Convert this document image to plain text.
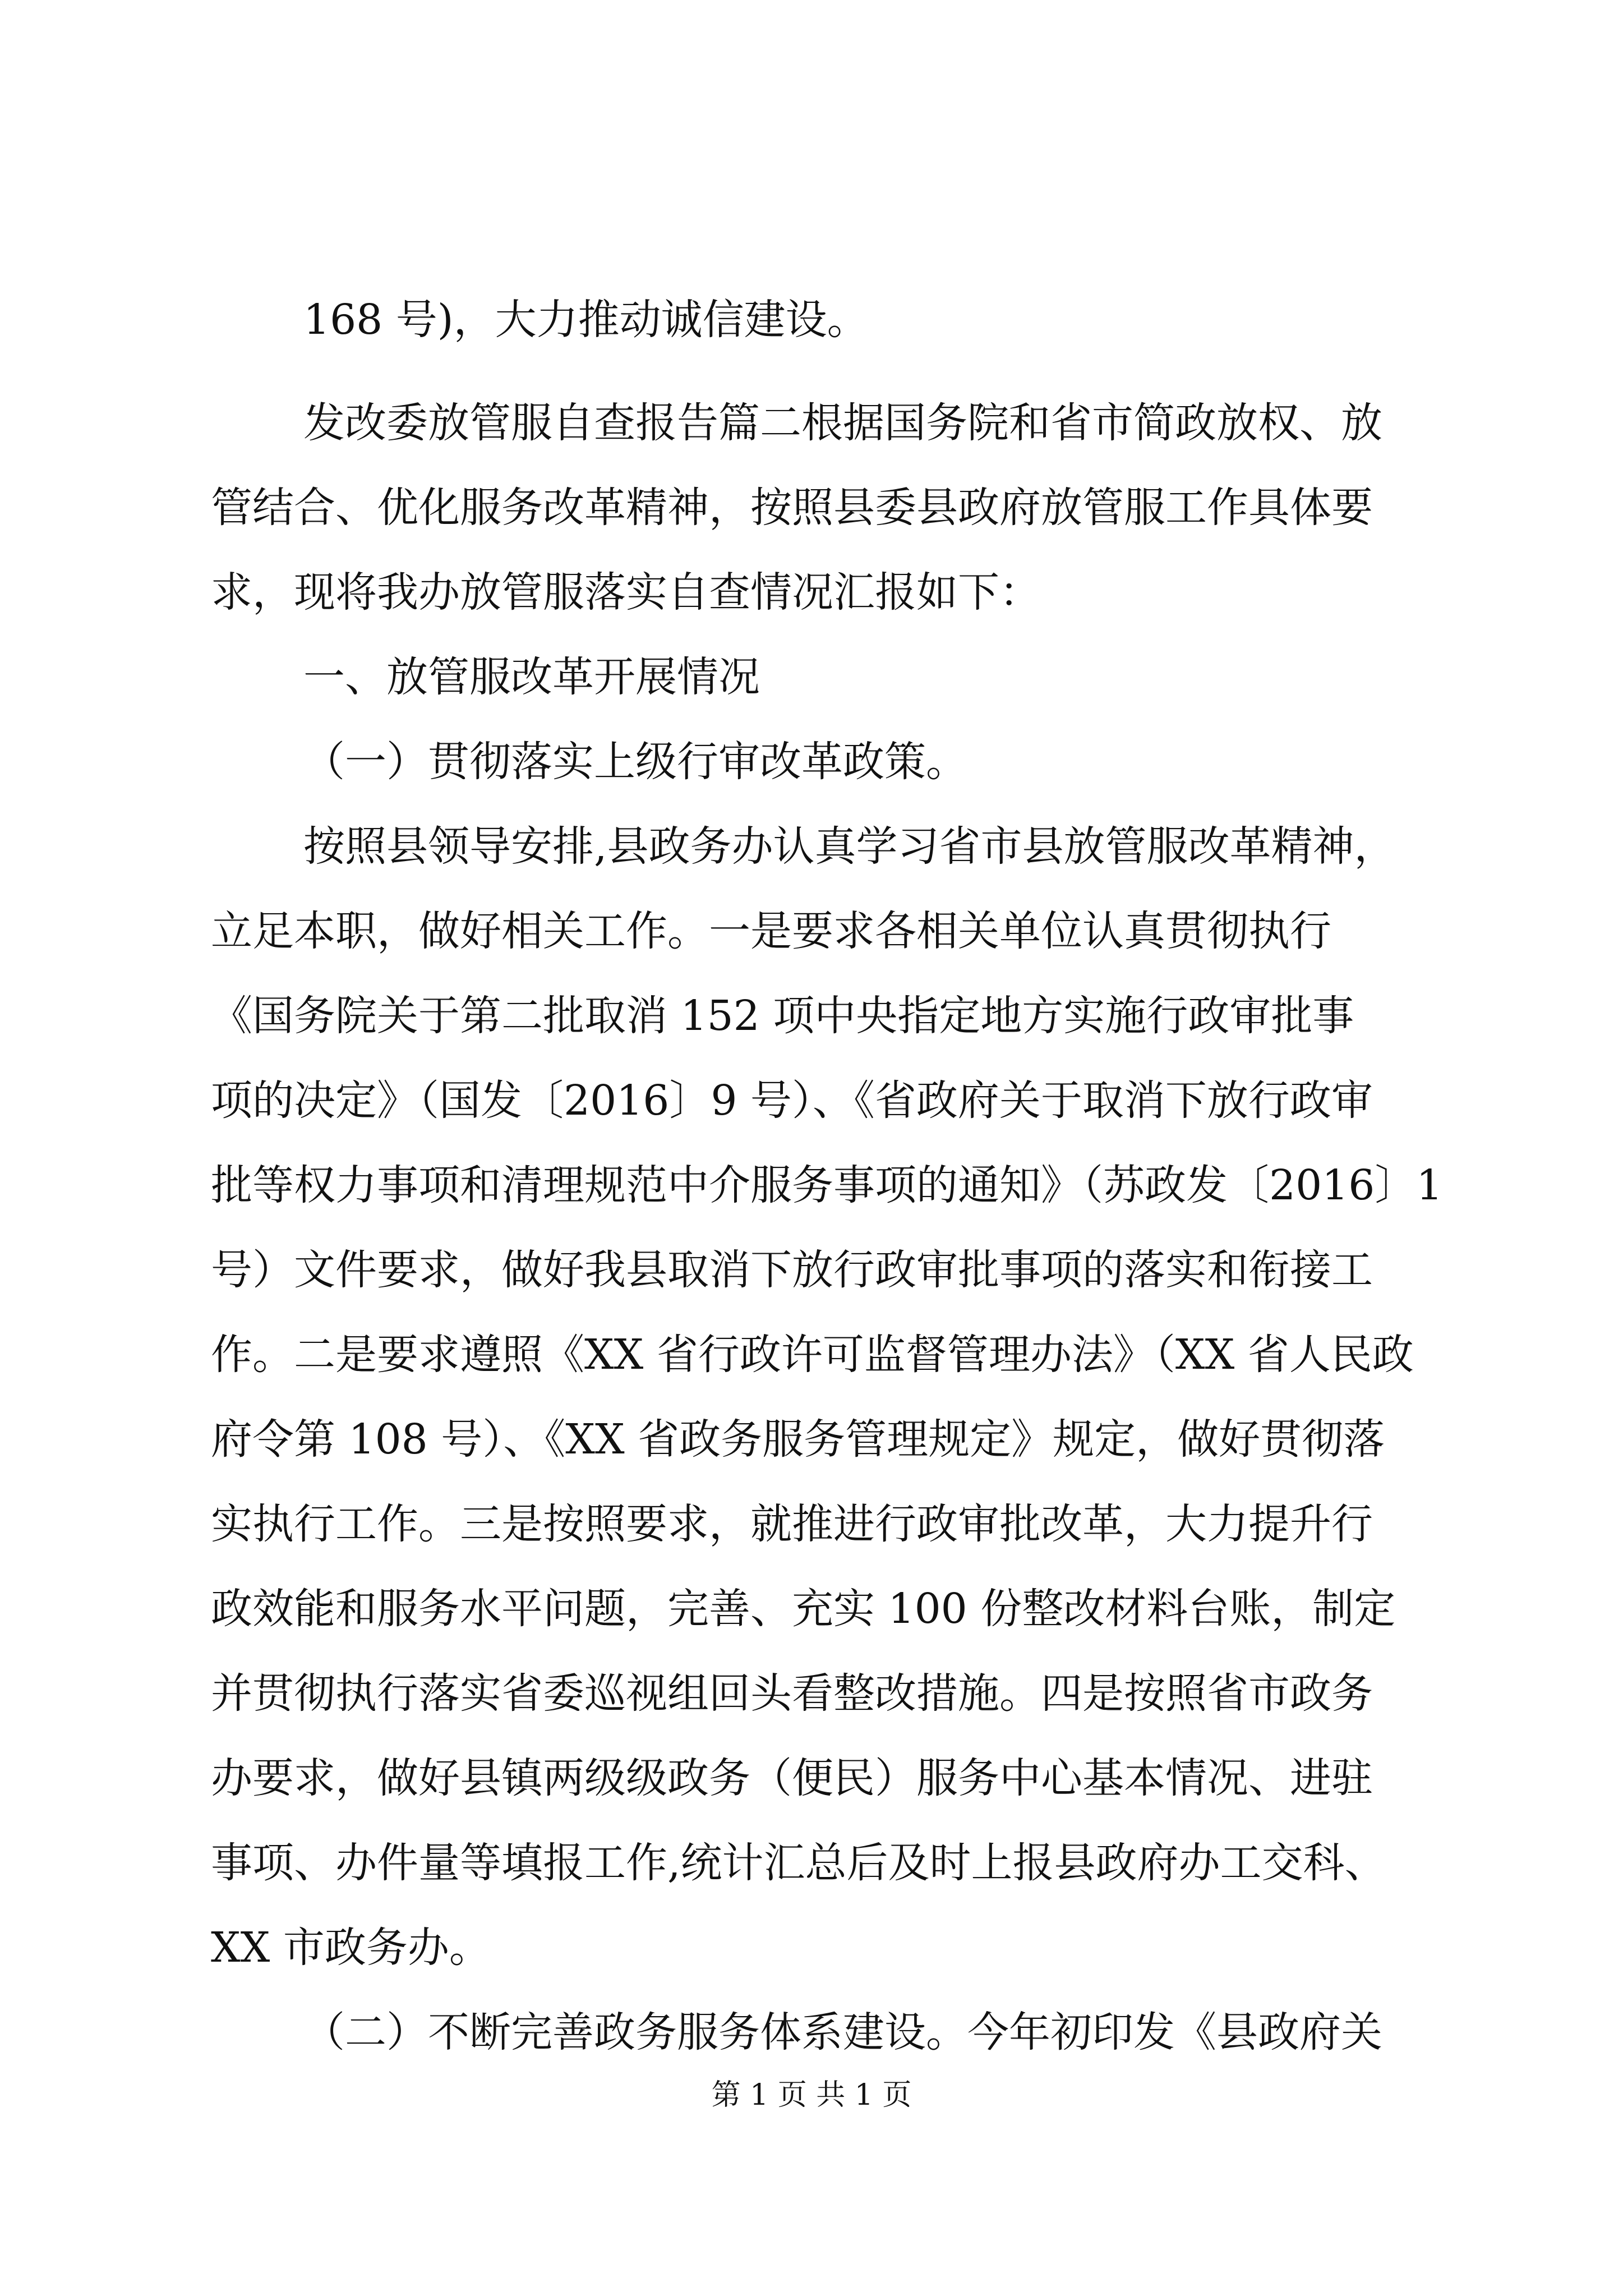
168 号)，大力推动诚信建设。
发改委放管服自查报告篇二根据国务院和省市简政放权、放
管结合、优化服务改革精神，按照县委县政府放管服工作具体要
求，现将我办放管服落实自查情况汇报如下：
一、放管服改革开展情况
（一）贯彻落实上级行审改革政策。
按照县领导安排,县政务办认真学习省市县放管服改革精神，
立足本职，做好相关工作。一是要求各相关单位认真贯彻执行
《国务院关于第二批取消 152 项中央指定地方实施行政审批事
项的决定》（国发〔2016〕9 号）、《省政府关于取消下放行政审
批等权力事项和清理规范中介服务事项的通知》（苏政发〔2016〕1
号）文件要求，做好我县取消下放行政审批事项的落实和衔接工
作。二是要求遵照《XX 省行政许可监督管理办法》（XX 省人民政
府令第 108 号）、《XX 省政务服务管理规定》规定，做好贯彻落
实执行工作。三是按照要求，就推进行政审批改革，大力提升行
政效能和服务水平问题，完善、充实 100 份整改材料台账，制定
并贯彻执行落实省委巡视组回头看整改措施。四是按照省市政务
办要求，做好县镇两级级政务（便民）服务中心基本情况、进驻
事项、办件量等填报工作,统计汇总后及时上报县政府办工交科、
XX 市政务办。
（二）不断完善政务服务体系建设。今年初印发《县政府关
第 1 页 共 1 页
